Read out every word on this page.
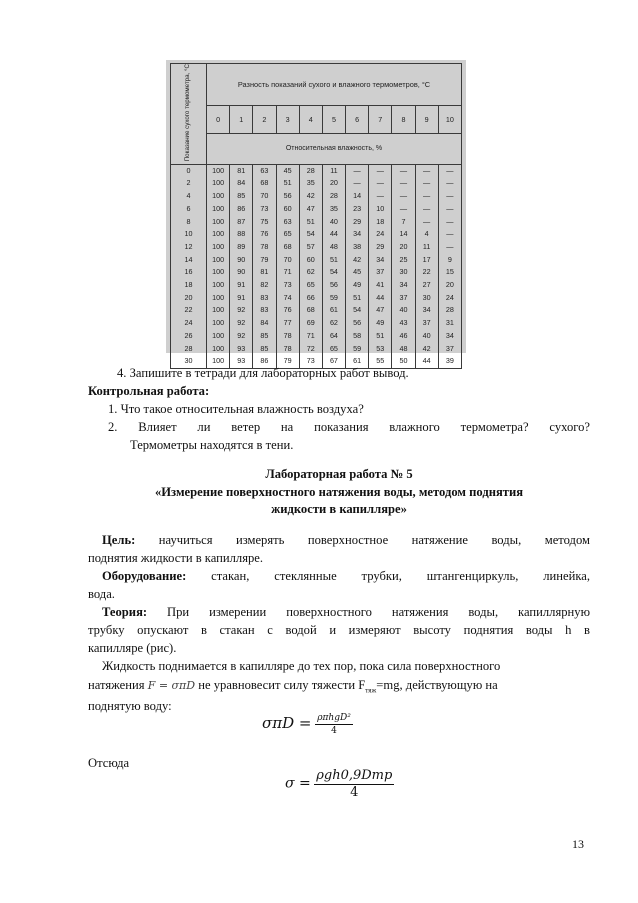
Показание сухого термометра, °С	Разность показаний сухого и влажного термометров, °С										
	0	1	2	3	4	5	6	7	8	9	10
	Относительная влажность, %										
0	100	81	63	45	28	11	—	—	—	—	—
2	100	84	68	51	35	20	—	—	—	—	—
4	100	85	70	56	42	28	14	—	—	—	—
6	100	86	73	60	47	35	23	10	—	—	—
8	100	87	75	63	51	40	29	18	7	—	—
10	100	88	76	65	54	44	34	24	14	4	—
12	100	89	78	68	57	48	38	29	20	11	—
14	100	90	79	70	60	51	42	34	25	17	9
16	100	90	81	71	62	54	45	37	30	22	15
18	100	91	82	73	65	56	49	41	34	27	20
20	100	91	83	74	66	59	51	44	37	30	24
22	100	92	83	76	68	61	54	47	40	34	28
24	100	92	84	77	69	62	56	49	43	37	31
26	100	92	85	78	71	64	58	51	46	40	34
28	100	93	85	78	72	65	59	53	48	42	37
30	100	93	86	79	73	67	61	55	50	44	39

4. Запишите в тетради для лабораторных работ вывод.

Контрольная работа:

1. Что такое относительная влажность воздуха?

2. Влияет ли ветер на показания влажного термометра? сухого?

Термометры находятся в тени.

Лабораторная работа № 5

«Измерение поверхностного натяжения воды, методом поднятия

жидкости в капилляре»

Цель: научиться измерять поверхностное натяжение воды, методом

поднятия жидкости в капилляре.

Оборудование: стакан, стеклянные трубки, штангенциркуль, линейка,

вода.

Теория: При измерении поверхностного натяжения воды, капиллярную

трубку опускают в стакан с водой и измеряют высоту поднятия воды h в

капилляре (рис).

Жидкость поднимается в капилляре до тех пор, пока сила поверхностного

натяжения F = σπD не уравновесит силу тяжести $F_{тяж}=mg$, действующую на

поднятую воду:

$\sigma\pi D = \frac{\text{ρπhgD²}}{4}$

Отсюда

$\sigma = \frac{\text{ρgh0,9Dтр}}{4}$

13
